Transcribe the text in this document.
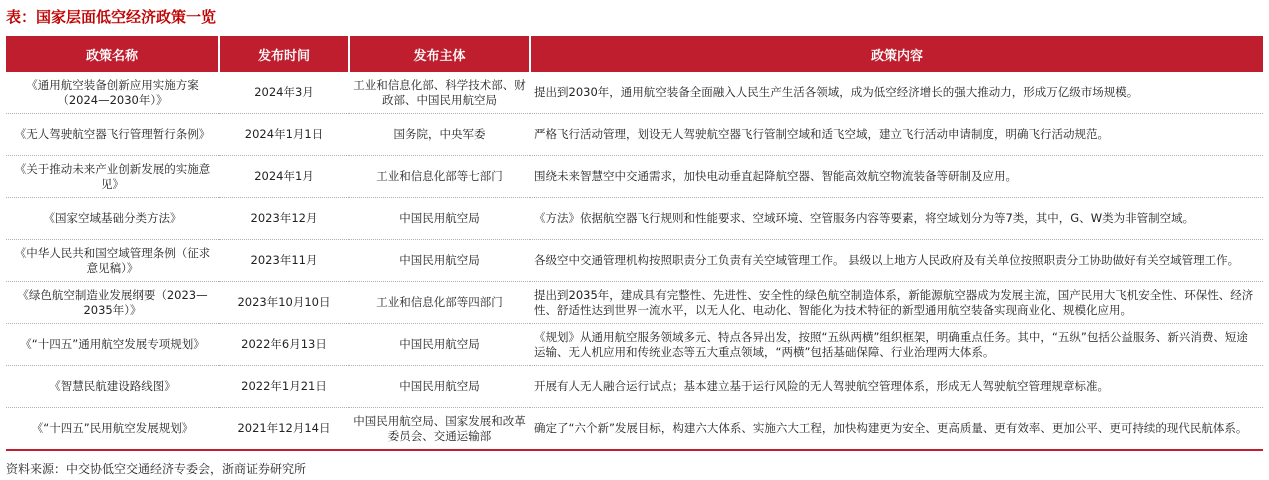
表：国家层面低空经济政策一览
政策名称	发布时间	发布主体	政策内容
《通用航空装备创新应用实施方案（2024—2030年）》	2024年3月	工业和信息化部、科学技术部、财政部、中国民用航空局	提出到2030年，通用航空装备全面融入人民生产生活各领域，成为低空经济增长的强大推动力，形成万亿级市场规模。
《无人驾驶航空器飞行管理暂行条例》	2024年1月1日	国务院，中央军委	严格飞行活动管理，划设无人驾驶航空器飞行管制空域和适飞空域，建立飞行活动申请制度，明确飞行活动规范。
《关于推动未来产业创新发展的实施意见》	2024年1月	工业和信息化部等七部门	围绕未来智慧空中交通需求，加快电动垂直起降航空器、智能高效航空物流装备等研制及应用。
《国家空域基础分类方法》	2023年12月	中国民用航空局	《方法》依据航空器飞行规则和性能要求、空域环境、空管服务内容等要素，将空域划分为等7类，其中，G、W类为非管制空域。
《中华人民共和国空域管理条例（征求意见稿）》	2023年11月	中国民用航空局	各级空中交通管理机构按照职责分工负责有关空域管理工作。 县级以上地方人民政府及有关单位按照职责分工协助做好有关空域管理工作。
《绿色航空制造业发展纲要（2023—2035年）》	2023年10月10日	工业和信息化部等四部门	提出到2035年，建成具有完整性、先进性、安全性的绿色航空制造体系，新能源航空器成为发展主流，国产民用大飞机安全性、环保性、经济性、舒适性达到世界一流水平，以无人化、电动化、智能化为技术特征的新型通用航空装备实现商业化、规模化应用。
《“十四五”通用航空发展专项规划》	2022年6月13日	中国民用航空局	《规划》从通用航空服务领域多元、特点各异出发，按照“五纵两横”组织框架，明确重点任务。其中，“五纵”包括公益服务、新兴消费、短途运输、无人机应用和传统业态等五大重点领域，“两横”包括基础保障、行业治理两大体系。
《智慧民航建设路线图》	2022年1月21日	中国民用航空局	开展有人无人融合运行试点；基本建立基于运行风险的无人驾驶航空管理体系，形成无人驾驶航空管理规章标准。
《“十四五”民用航空发展规划》	2021年12月14日	中国民用航空局、国家发展和改革委员会、交通运输部	确定了“六个新”发展目标，构建六大体系、实施六大工程，加快构建更为安全、更高质量、更有效率、更加公平、更可持续的现代民航体系。
资料来源：中交协低空交通经济专委会，浙商证券研究所
